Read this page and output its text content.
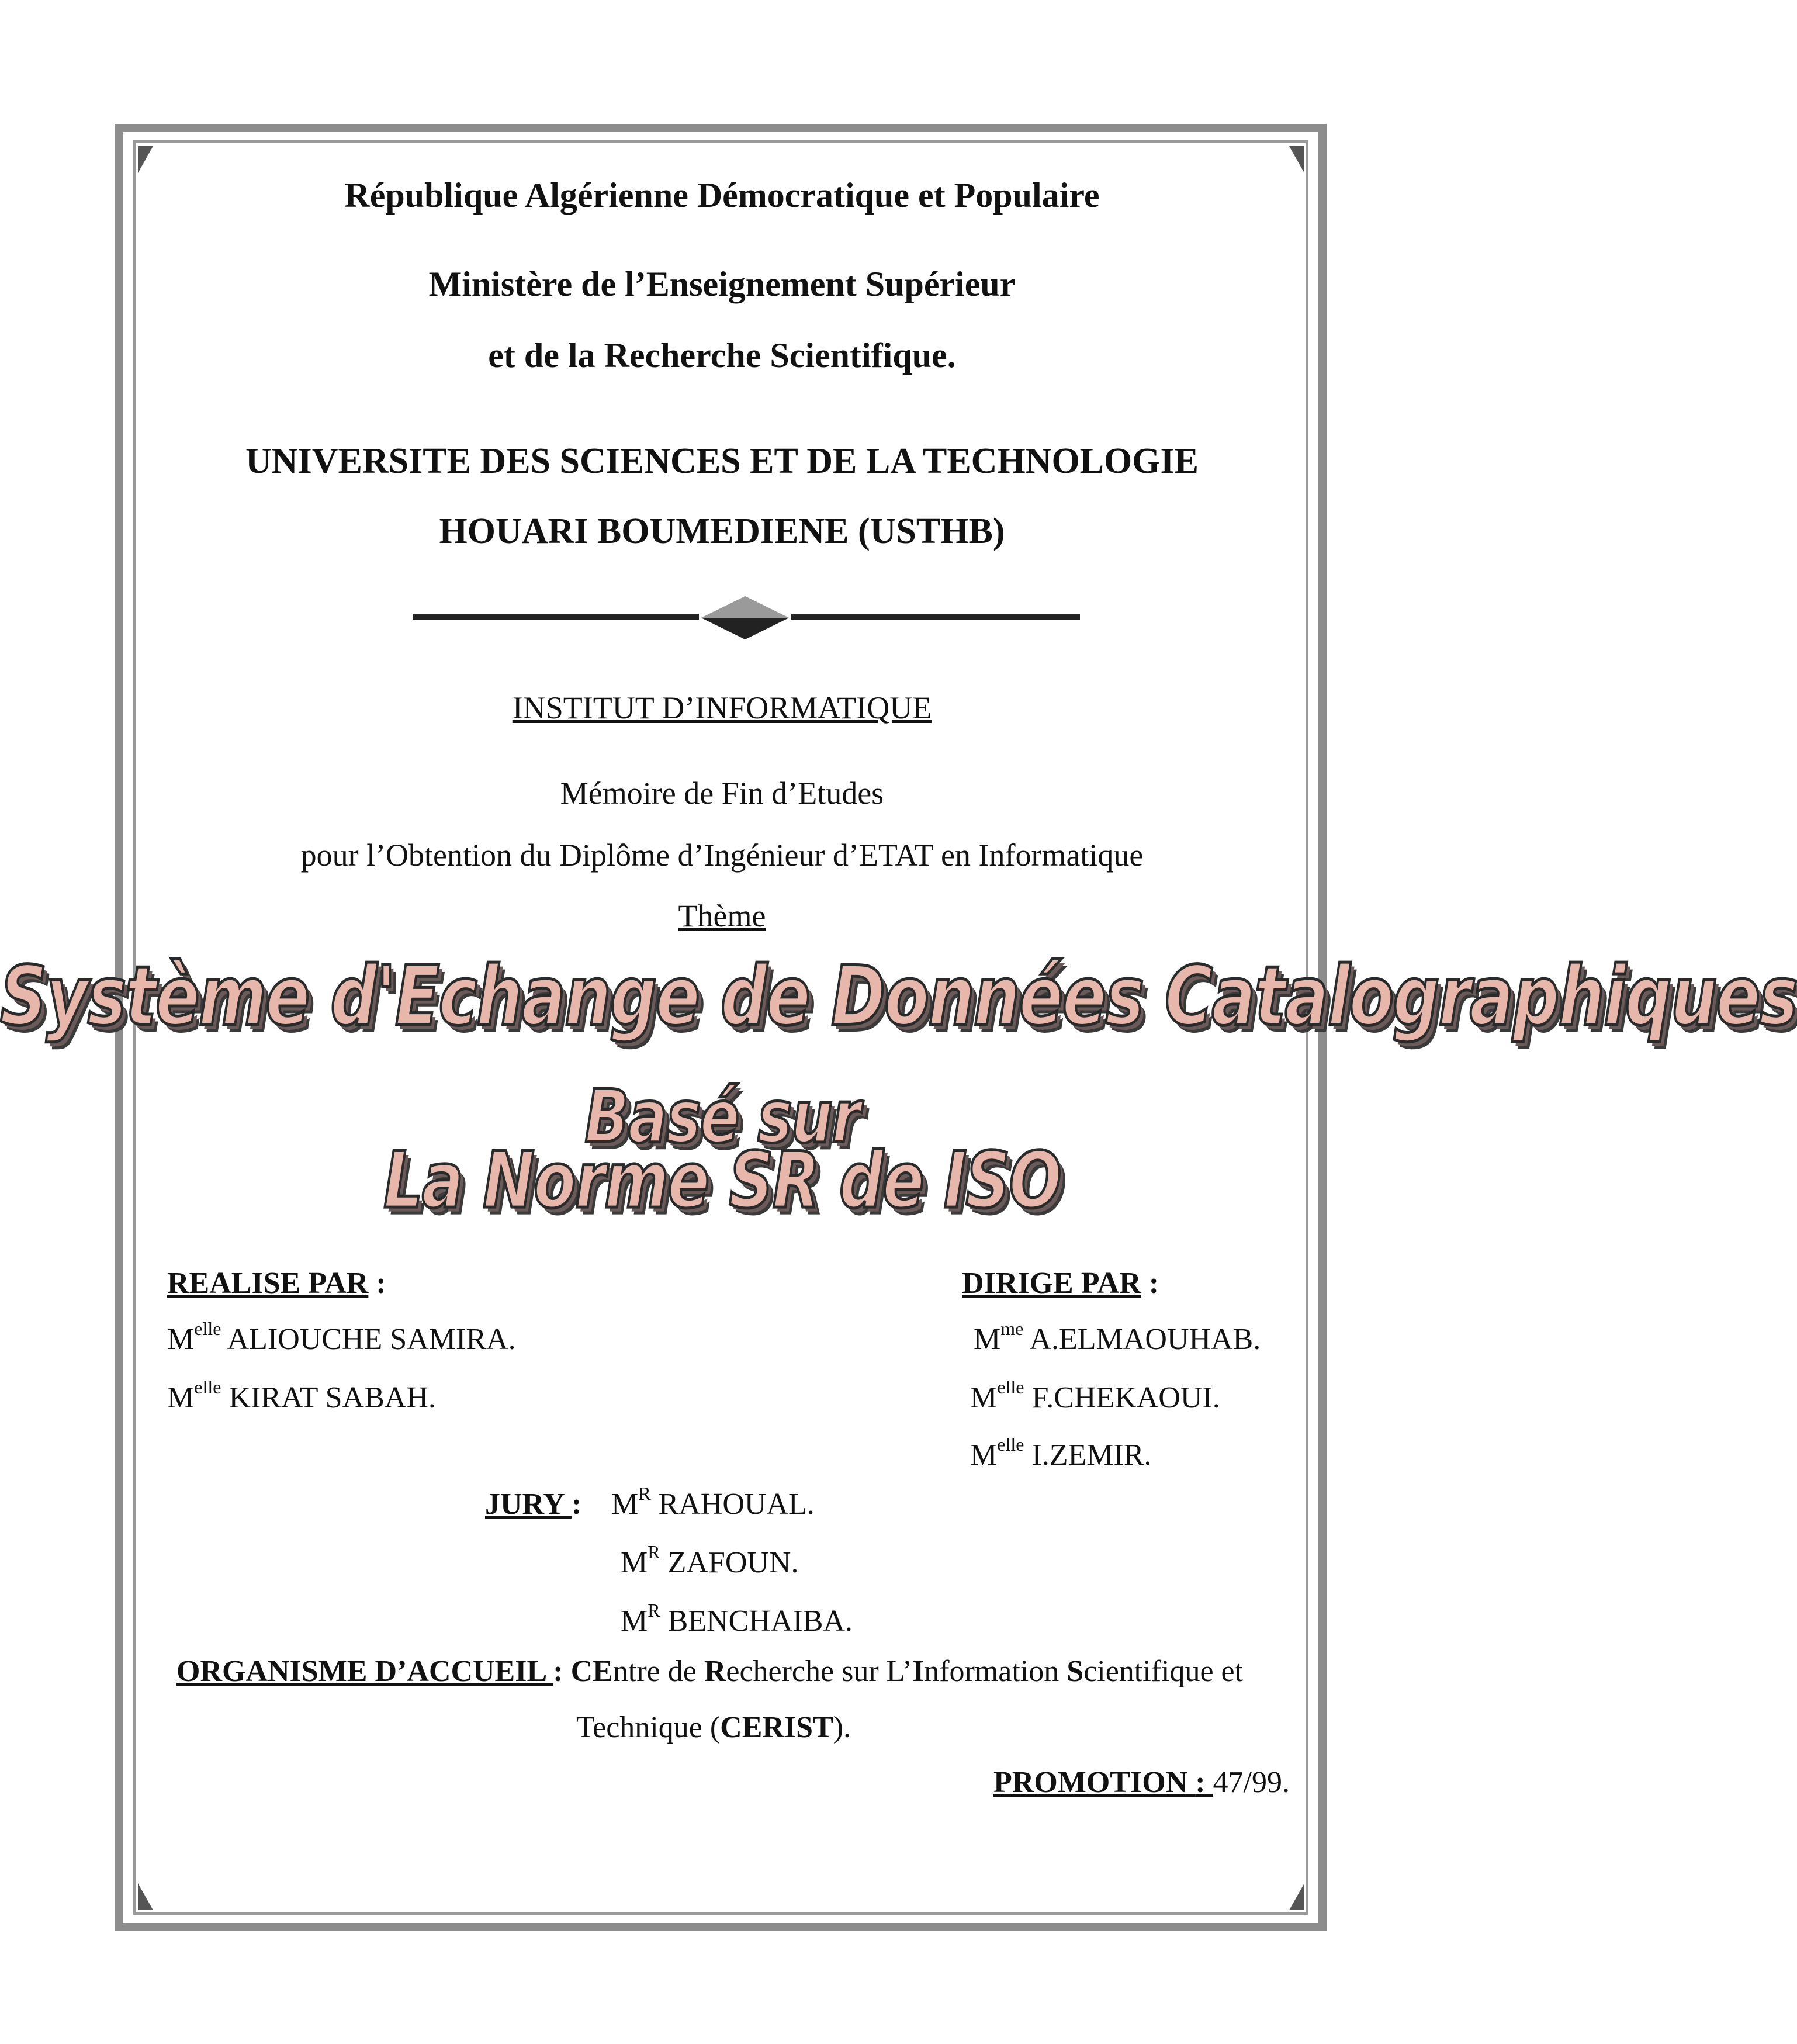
République Algérienne Démocratique et Populaire
Ministère de l’Enseignement Supérieur
et de la Recherche Scientifique.
UNIVERSITE DES SCIENCES ET DE LA TECHNOLOGIE
HOUARI BOUMEDIENE (USTHB)
INSTITUT D’INFORMATIQUE
Mémoire de Fin d’Etudes
pour l’Obtention du Diplôme d’Ingénieur d’ETAT en Informatique
Thème
Système d'Echange de Données Catalographiques
Basé sur
La Norme SR de ISO
REALISE PAR :
$M^{elle}$ ALIOUCHE SAMIRA.
$M^{elle}$ KIRAT SABAH.
DIRIGE PAR :
$M^{me}$ A.ELMAOUHAB.
$M^{elle}$ F.CHEKAOUI.
$M^{elle}$ I.ZEMIR.
JURY : $M^R$ RAHOUAL.
$M^R$ ZAFOUN.
$M^R$ BENCHAIBA.
ORGANISME D’ACCUEIL : CEntre de Recherche sur L’Information Scientifique et
Technique (CERIST).
PROMOTION : 47/99.
